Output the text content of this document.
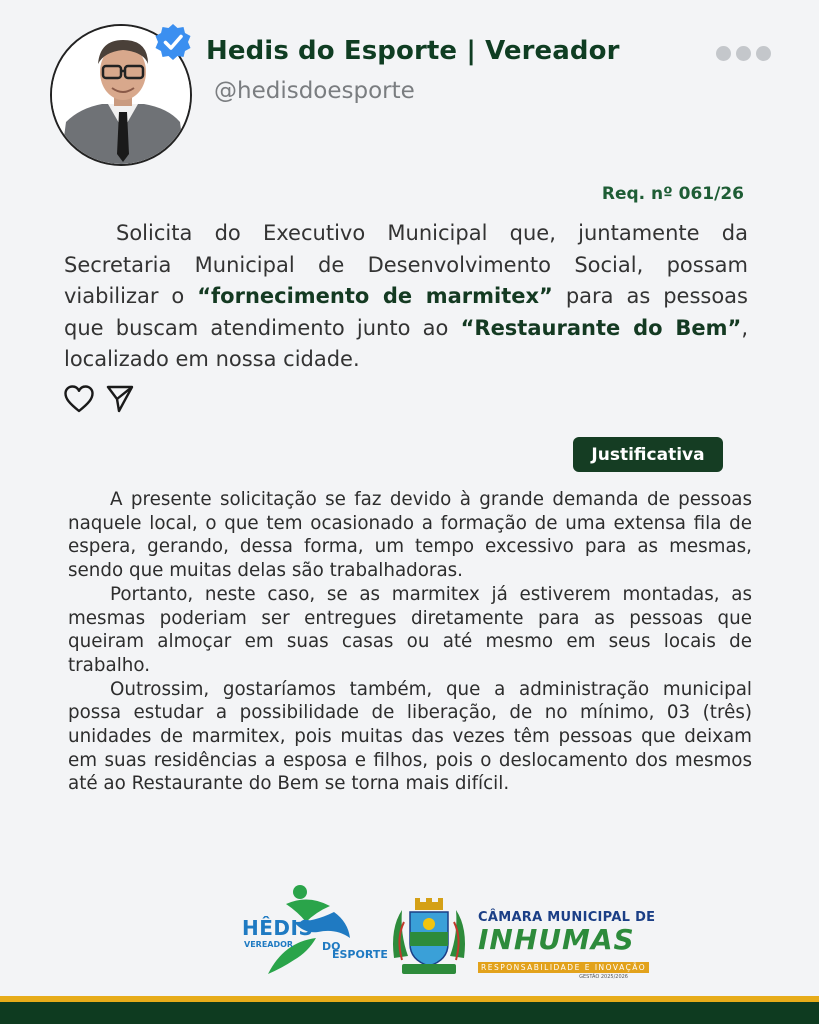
Hedis do Esporte | Vereador
@hedisdoesporte
Req. nº 061/26
Solicita do Executivo Municipal que, juntamente da Secretaria Municipal de Desenvolvimento Social, possam viabilizar o “fornecimento de marmitex” para as pessoas que buscam atendimento junto ao “Restaurante do Bem”, localizado em nossa cidade.
Justificativa

A presente solicitação se faz devido à grande demanda de pessoas naquele local, o que tem ocasionado a formação de uma extensa fila de espera, gerando, dessa forma, um tempo excessivo para as mesmas, sendo que muitas delas são trabalhadoras.

Portanto, neste caso, se as marmitex já estiverem montadas, as mesmas poderiam ser entregues diretamente para as pessoas que queiram almoçar em suas casas ou até mesmo em seus locais de trabalho.

Outrossim, gostaríamos também, que a administração municipal possa estudar a possibilidade de liberação, de no mínimo, 03 (três) unidades de marmitex, pois muitas das vezes têm pessoas que deixam em suas residências a esposa e filhos, pois o deslocamento dos mesmos até ao Restaurante do Bem se torna mais difícil.

HÊDIS
VEREADOR	DO
ESPORTE
CÂMARA MUNICIPAL DE
INHUMAS
RESPONSABILIDADE E INOVAÇÃO
GESTÃO 2025/2026
